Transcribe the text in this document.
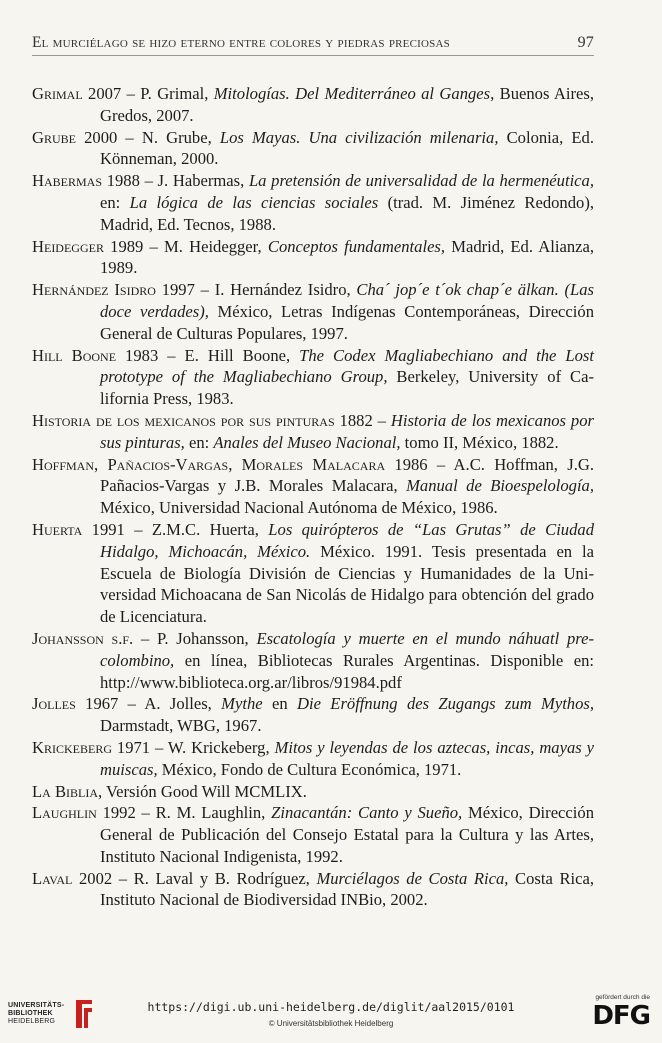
El murciélago se hizo eterno entre colores y piedras preciosas	97
Grimal 2007 – P. Grimal, Mitologías. Del Mediterráneo al Ganges, Buenos Aires, Gredos, 2007.
Grube 2000 – N. Grube, Los Mayas. Una civilización milenaria, Colonia, Ed. Könneman, 2000.
Habermas 1988 – J. Habermas, La pretensión de universalidad de la hermenéutica, en: La lógica de las ciencias sociales (trad. M. Jiménez Redondo), Madrid, Ed. Tecnos, 1988.
Heidegger 1989 – M. Heidegger, Conceptos fundamentales, Madrid, Ed. Alianza, 1989.
Hernández Isidro 1997 – I. Hernández Isidro, Cha´ jop´e t´ok chap´e älkan. (Las doce verdades), México, Letras Indígenas Contemporáneas, Dirección General de Culturas Populares, 1997.
Hill Boone 1983 – E. Hill Boone, The Codex Magliabechiano and the Lost prototype of the Magliabechiano Group, Berkeley, University of California Press, 1983.
Historia de los mexicanos por sus pinturas 1882 – Historia de los mexicanos por sus pinturas, en: Anales del Museo Nacional, tomo II, México, 1882.
Hoffman, Pañacios-Vargas, Morales Malacara 1986 – A.C. Hoffman, J.G. Pañacios-Vargas y J.B. Morales Malacara, Manual de Bioespelología, México, Universidad Nacional Autónoma de México, 1986.
Huerta 1991 – Z.M.C. Huerta, Los quirópteros de “Las Grutas” de Ciudad Hidalgo, Michoacán, México. México. 1991. Tesis presentada en la Escuela de Biología División de Ciencias y Humanidades de la Universidad Michoacana de San Nicolás de Hidalgo para obtención del grado de Licenciatura.
Johansson s.f. – P. Johansson, Escatología y muerte en el mundo náhuatl precolombino, en línea, Bibliotecas Rurales Argentinas. Disponible en: http://www.biblioteca.org.ar/libros/91984.pdf
Jolles 1967 – A. Jolles, Mythe en Die Eröffnung des Zugangs zum Mythos, Darmstadt, WBG, 1967.
Krickeberg 1971 – W. Krickeberg, Mitos y leyendas de los aztecas, incas, mayas y muiscas, México, Fondo de Cultura Económica, 1971.
La Biblia, Versión Good Will MCMLIX.
Laughlin 1992 – R. M. Laughlin, Zinacantán: Canto y Sueño, México, Dirección General de Publicación del Consejo Estatal para la Cultura y las Artes, Instituto Nacional Indigenista, 1992.
Laval 2002 – R. Laval y B. Rodríguez, Murciélagos de Costa Rica, Costa Rica, Instituto Nacional de Biodiversidad INBio, 2002.
UNIVERSITÄTS-
BIBLIOTHEK
HEIDELBERG
https://digi.ub.uni-heidelberg.de/diglit/aal2015/0101
© Universitätsbibliothek Heidelberg
gefördert durch die
DFG
